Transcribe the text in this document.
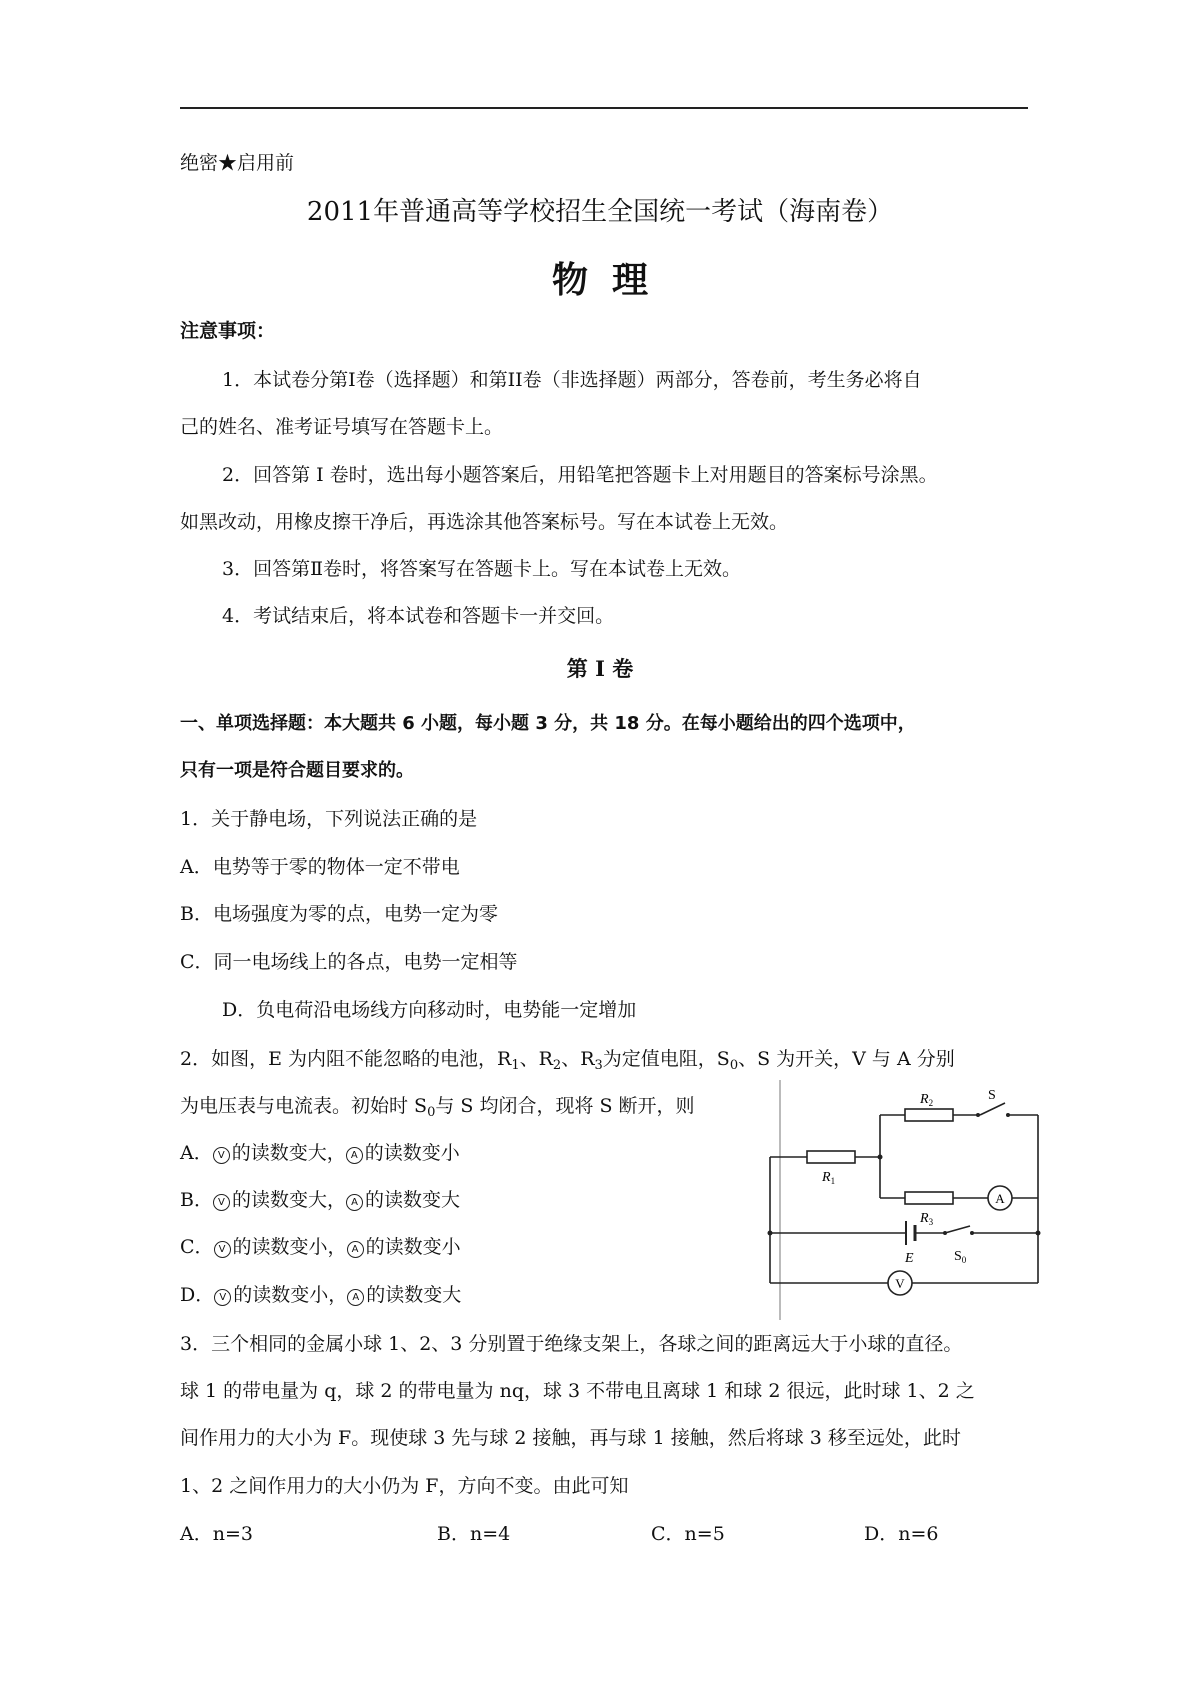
绝密★启用前
2011年普通高等学校招生全国统一考试（海南卷）
物理
注意事项：
1．本试卷分第I卷（选择题）和第II卷（非选择题）两部分，答卷前，考生务必将自
己的姓名、准考证号填写在答题卡上。
2．回答第 I 卷时，选出每小题答案后，用铅笔把答题卡上对用题目的答案标号涂黑。
如黑改动，用橡皮擦干净后，再选涂其他答案标号。写在本试卷上无效。
3．回答第Ⅱ卷时，将答案写在答题卡上。写在本试卷上无效。
4．考试结束后，将本试卷和答题卡一并交回。
第 Ⅰ 卷
一、单项选择题：本大题共 6 小题，每小题 3 分，共 18 分。在每小题给出的四个选项中，
只有一项是符合题目要求的。
1．关于静电场，下列说法正确的是
A．电势等于零的物体一定不带电
B．电场强度为零的点，电势一定为零
C．同一电场线上的各点，电势一定相等
D．负电荷沿电场线方向移动时，电势能一定增加
2．如图，E 为内阻不能忽略的电池，$R_1$、$R_2$、$R_3$为定值电阻，$S_0$、S 为开关，V 与 A 分别
为电压表与电流表。初始时 $S_0$与 S 均闭合，现将 S 断开，则
A． V 的读数变大， A 的读数变小
B． V 的读数变大， A 的读数变大
C． V 的读数变小， A 的读数变小
D． V 的读数变小， A 的读数变大
$R_1$
$R_2$
$R_3$
S
$S_0$
E
A
V
3．三个相同的金属小球 1、2、3 分别置于绝缘支架上，各球之间的距离远大于小球的直径。
球 1 的带电量为 q，球 2 的带电量为 nq，球 3 不带电且离球 1 和球 2 很远，此时球 1、2 之
间作用力的大小为 F。现使球 3 先与球 2 接触，再与球 1 接触，然后将球 3 移至远处，此时
1、2 之间作用力的大小仍为 F，方向不变。由此可知
A．n=3	B．n=4	C．n=5	D．n=6
